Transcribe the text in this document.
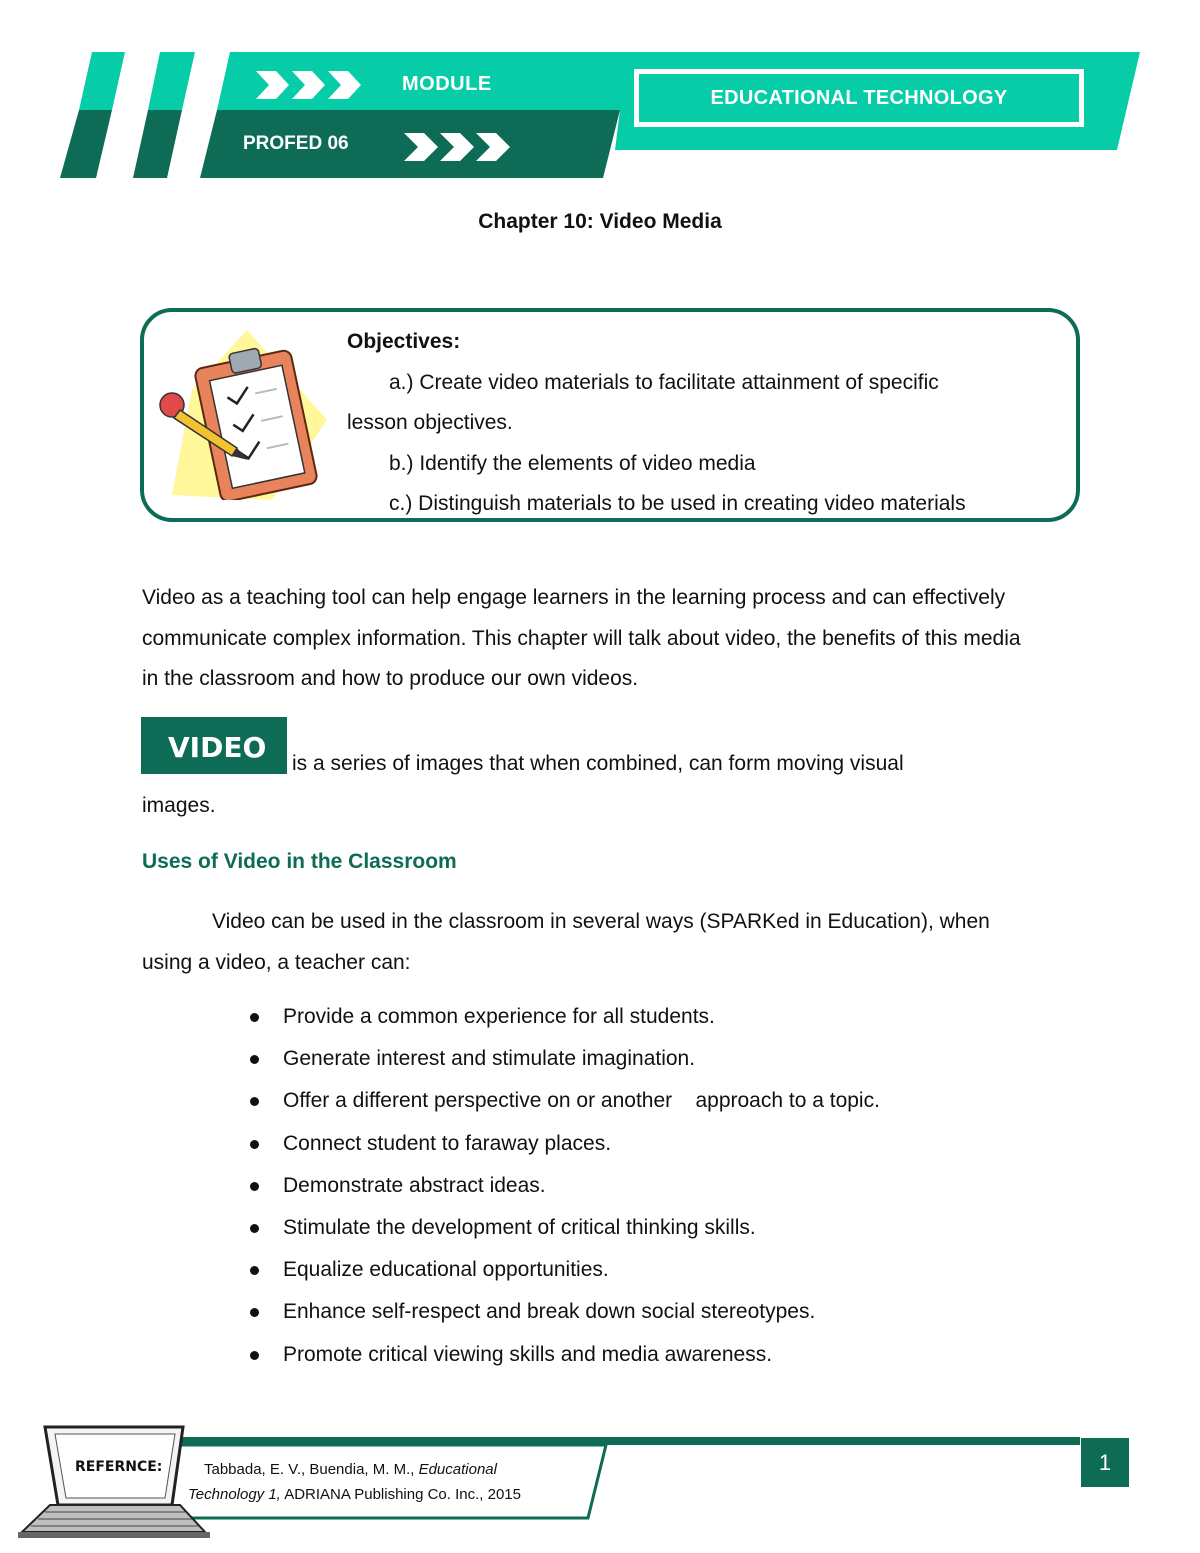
MODULE
PROFED 06
EDUCATIONAL TECHNOLOGY
Chapter 10: Video Media
Objectives:
a.) Create video materials to facilitate attainment of specific
lesson objectives.
b.) Identify the elements of video media
c.) Distinguish materials to be used in creating video materials
Video as a teaching tool can help engage learners in the learning process and can effectively communicate complex information. This chapter will talk about video, the benefits of this media in the classroom and how to produce our own videos.
VIDEO	is a series of images that when combined, can form moving visual
images.
Uses of Video in the Classroom
Video can be used in the classroom in several ways (SPARKed in Education), when using a video, a teacher can:
Provide a common experience for all students.
Generate interest and stimulate imagination.
Offer a different perspective on or another    approach to a topic.
Connect student to faraway places.
Demonstrate abstract ideas.
Stimulate the development of critical thinking skills.
Equalize educational opportunities.
Enhance self-respect and break down social stereotypes.
Promote critical viewing skills and media awareness.
REFERNCE:	Tabbada, E. V., Buendia, M. M., Educational Technology 1, ADRIANA Publishing Co. Inc., 2015
1
